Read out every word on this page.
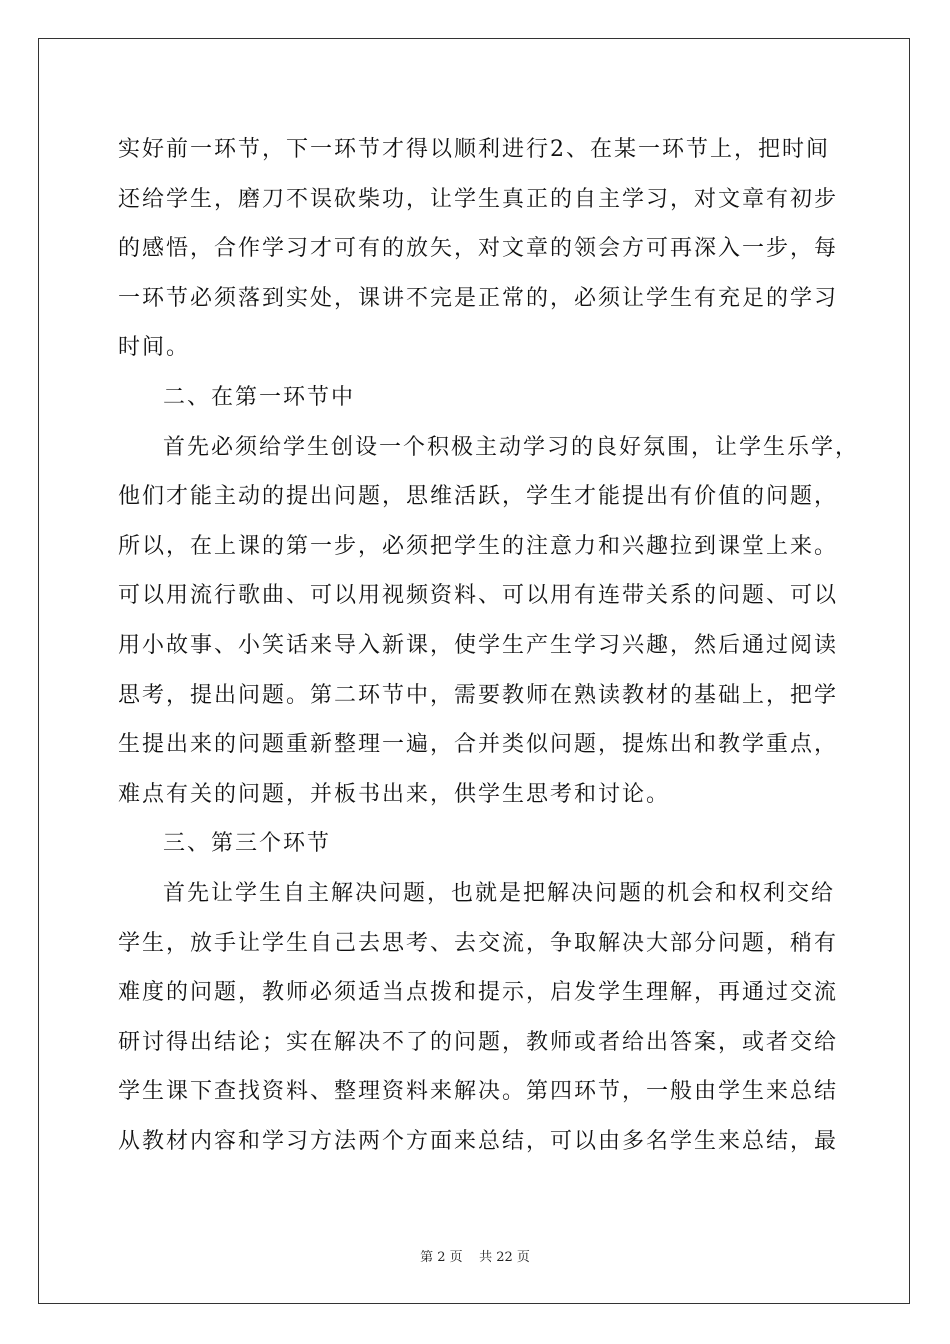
实好前一环节，下一环节才得以顺利进行2、在某一环节上，把时间
还给学生，磨刀不误砍柴功，让学生真正的自主学习，对文章有初步
的感悟，合作学习才可有的放矢，对文章的领会方可再深入一步，每
一环节必须落到实处，课讲不完是正常的，必须让学生有充足的学习
时间。
二、在第一环节中
首先必须给学生创设一个积极主动学习的良好氛围，让学生乐学，
他们才能主动的提出问题，思维活跃，学生才能提出有价值的问题，
所以，在上课的第一步，必须把学生的注意力和兴趣拉到课堂上来。
可以用流行歌曲、可以用视频资料、可以用有连带关系的问题、可以
用小故事、小笑话来导入新课，使学生产生学习兴趣，然后通过阅读
思考，提出问题。第二环节中，需要教师在熟读教材的基础上，把学
生提出来的问题重新整理一遍，合并类似问题，提炼出和教学重点，
难点有关的问题，并板书出来，供学生思考和讨论。
三、第三个环节
首先让学生自主解决问题，也就是把解决问题的机会和权利交给
学生，放手让学生自己去思考、去交流，争取解决大部分问题，稍有
难度的问题，教师必须适当点拨和提示，启发学生理解，再通过交流
研讨得出结论；实在解决不了的问题，教师或者给出答案，或者交给
学生课下查找资料、整理资料来解决。第四环节，一般由学生来总结
从教材内容和学习方法两个方面来总结，可以由多名学生来总结，最
第 2 页    共 22 页
